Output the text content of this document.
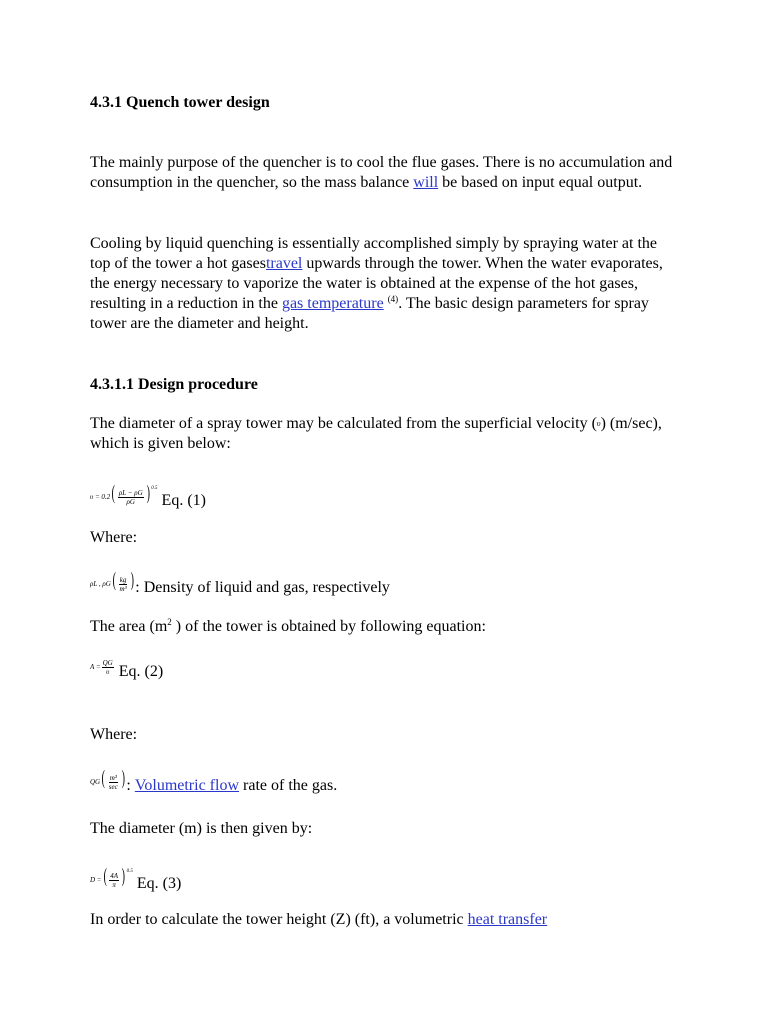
4.3.1 Quench tower design
The mainly purpose of the quencher is to cool the flue gases. There is no accumulation and consumption in the quencher, so the mass balance will be based on input equal output.
Cooling by liquid quenching is essentially accomplished simply by spraying water at the top of the tower a hot gasestravel upwards through the tower. When the water evaporates, the energy necessary to vaporize the water is obtained at the expense of the hot gases, resulting in a reduction in the gas temperature $^{(4)}$. The basic design parameters for spray tower are the diameter and height.
4.3.1.1 Design procedure
The diameter of a spray tower may be calculated from the superficial velocity (υ) (m/sec), which is given below:
$\upsilon = 0.2( \frac{\rho L - \rho G}{\rho G}$ ) $^{0.5}$
Eq. (1)
Where:
ρL , $\rho G( \frac{kg}{\text{m³}}$ ) : Density of liquid and gas, respectively
The area ($m^2$ ) of the tower is obtained by following equation:
$A = \frac{QG}{\upsilon} Eq$. (2)
Where:
$QG( \frac{\text{m³}}{\sec}$ ) : Volumetric flow rate of the gas.
The diameter (m) is then given by:
D =( $\frac{4A}{\pi}$ ) $^{0.5}$
Eq. (3)
In order to calculate the tower height (Z) (ft), a volumetric heat transfer
